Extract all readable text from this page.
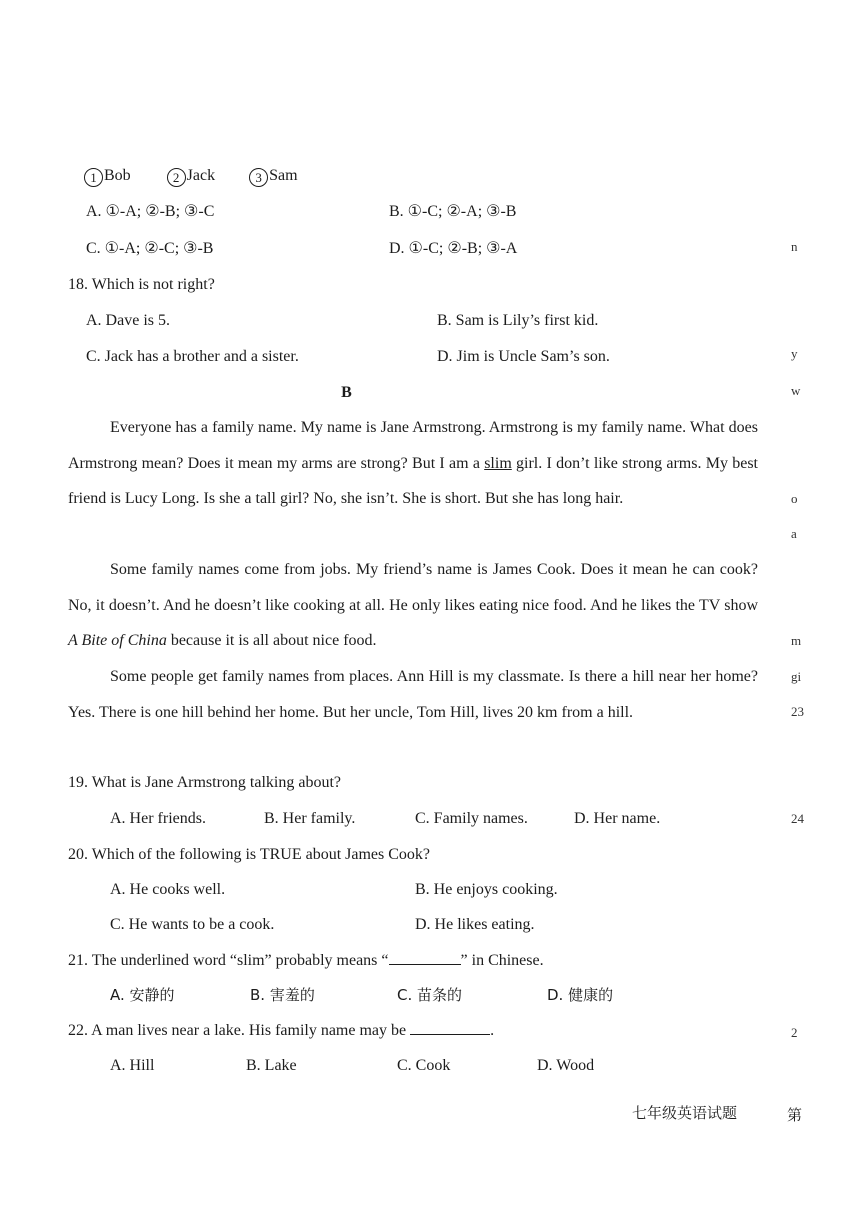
1 Bob	2 Jack	3 Sam
A. ①-A; ②-B; ③-C	B. ①-C; ②-A; ③-B
C. ①-A; ②-C; ③-B	D. ①-C; ②-B; ③-A
18. Which is not right?
A. Dave is 5.	B. Sam is Lily’s first kid.
C. Jack has a brother and a sister.	D. Jim is Uncle Sam’s son.
B
Everyone has a family name. My name is Jane Armstrong. Armstrong is my family name. What does Armstrong mean? Does it mean my arms are strong? But I am a slim girl. I don’t like strong arms. My best friend is Lucy Long. Is she a tall girl? No, she isn’t. She is short. But she has long hair.
Some family names come from jobs. My friend’s name is James Cook. Does it mean he can cook? No, it doesn’t. And he doesn’t like cooking at all. He only likes eating nice food. And he likes the TV show A Bite of China because it is all about nice food.
Some people get family names from places. Ann Hill is my classmate. Is there a hill near her home? Yes. There is one hill behind her home. But her uncle, Tom Hill, lives 20 km from a hill.
19. What is Jane Armstrong talking about?
A. Her friends.	B. Her family.	C. Family names.	D. Her name.
20. Which of the following is TRUE about James Cook?
A. He cooks well.	B. He enjoys cooking.
C. He wants to be a cook.	D. He likes eating.
21. The underlined word “slim” probably means “	” in Chinese.
A. 安静的	B. 害羞的	C. 苗条的	D. 健康的
22. A man lives near a lake. His family name may be	.
A. Hill	B. Lake	C. Cook	D. Wood
七年级英语试题	第
n
y
w
o
a
m
gi
23
24
2
